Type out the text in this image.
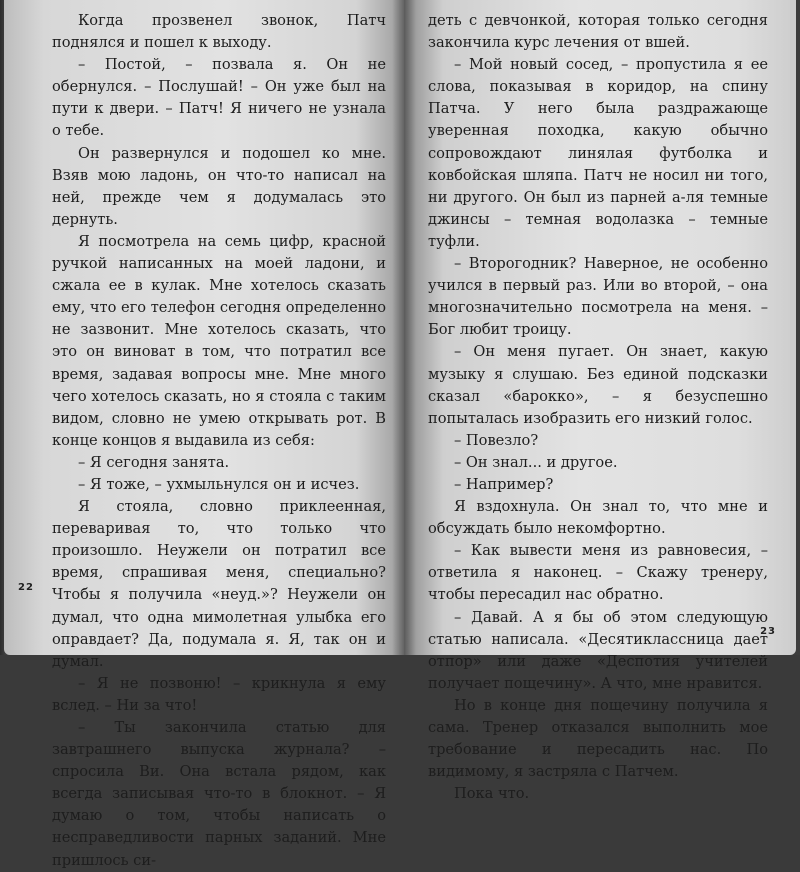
Когда прозвенел звонок, Патч поднялся и пошел к выходу.

– Постой, – позвала я. Он не обернулся. – Послушай! – Он уже был на пути к двери. – Патч! Я ничего не узнала о тебе.

Он развернулся и подошел ко мне. Взяв мою ладонь, он что-то написал на ней, прежде чем я додумалась это дернуть.

Я посмотрела на семь цифр, красной ручкой написанных на моей ладони, и сжала ее в кулак. Мне хотелось сказать ему, что его телефон сегодня определенно не зазвонит. Мне хотелось сказать, что это он виноват в том, что потратил все время, задавая вопросы мне. Мне много чего хотелось сказать, но я стояла с таким видом, словно не умею открывать рот. В конце концов я выдавила из себя:

– Я сегодня занята.

– Я тоже, – ухмыльнулся он и исчез.

Я стояла, словно приклеенная, переваривая то, что только что произошло. Неужели он потратил все время, спрашивая меня, специально? Чтобы я получила «неуд.»? Неужели он думал, что одна мимолетная улыбка его оправдает? Да, подумала я. Я, так он и думал.

– Я не позвоню! – крикнула я ему вслед. – Ни за что!

– Ты закончила статью для завтрашнего выпуска журнала? – спросила Ви. Она встала рядом, как всегда записывая что-то в блокнот. – Я думаю о том, чтобы написать о несправедливости парных заданий. Мне пришлось си-

22

деть с девчонкой, которая только сегодня закончила курс лечения от вшей.

– Мой новый сосед, – пропустила я ее слова, показывая в коридор, на спину Патча. У него была раздражающе уверенная походка, какую обычно сопровождают линялая футболка и ковбойская шляпа. Патч не носил ни того, ни другого. Он был из парней а-ля темные джинсы – темная водолазка – темные туфли.

– Второгодник? Наверное, не особенно учился в первый раз. Или во второй, – она многозначительно посмотрела на меня. – Бог любит троицу.

– Он меня пугает. Он знает, какую музыку я слушаю. Без единой подсказки сказал «барокко», – я безуспешно попыталась изобразить его низкий голос.

– Повезло?

– Он знал... и другое.

– Например?

Я вздохнула. Он знал то, что мне и обсуждать было некомфортно.

– Как вывести меня из равновесия, – ответила я наконец. – Скажу тренеру, чтобы пересадил нас обратно.

– Давай. А я бы об этом следующую статью написала. «Десятиклассница дает отпор» или даже «Деспотия учителей получает пощечину». А что, мне нравится.

Но в конце дня пощечину получила я сама. Тренер отказался выполнить мое требование и пересадить нас. По видимому, я застряла с Патчем.

Пока что.

23
